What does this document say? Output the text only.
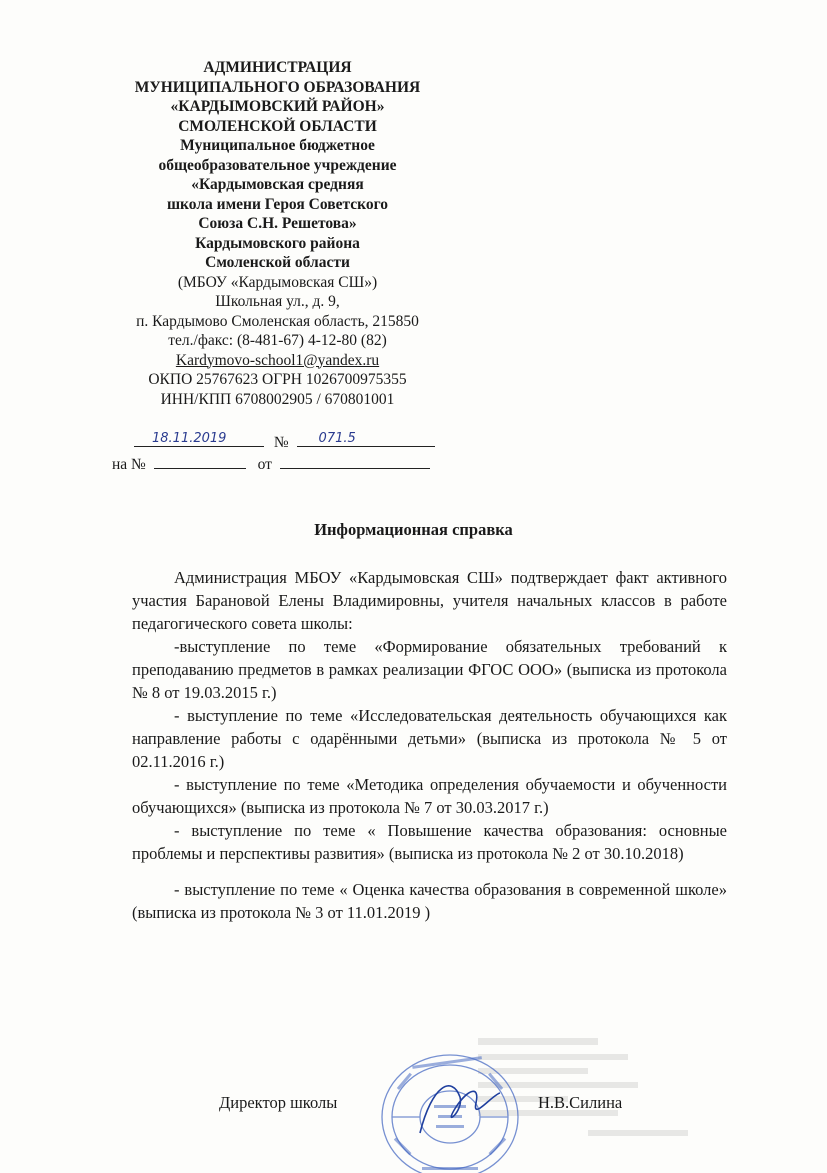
АДМИНИСТРАЦИЯ
МУНИЦИПАЛЬНОГО ОБРАЗОВАНИЯ
«КАРДЫМОВСКИЙ РАЙОН»
СМОЛЕНСКОЙ ОБЛАСТИ
Муниципальное бюджетное
общеобразовательное учреждение
«Кардымовская средняя
школа имени Героя Советского
Союза С.Н. Решетова»
Кардымовского района
Смоленской области
(МБОУ «Кардымовская СШ»)
Школьная ул., д. 9,
п. Кардымово Смоленская область, 215850
тел./факс: (8-481-67) 4-12-80 (82)
Kardymovo-school1@yandex.ru
ОКПО 25767623 ОГРН 1026700975355
ИНН/КПП 6708002905 / 670801001
18.11.2019	№ 071.5
на №	от
Информационная справка

Администрация МБОУ «Кардымовская СШ» подтверждает факт активного участия Барановой Елены Владимировны, учителя начальных классов в работе педагогического совета школы:

-выступление по теме «Формирование обязательных требований к преподаванию предметов в рамках реализации ФГОС ООО» (выписка из протокола № 8 от 19.03.2015 г.)

- выступление по теме «Исследовательская деятельность обучающихся как направление работы с одарёнными детьми» (выписка из протокола № 5 от 02.11.2016 г.)

- выступление по теме «Методика определения обучаемости и обученности обучающихся» (выписка из протокола № 7 от 30.03.2017 г.)

- выступление по теме « Повышение качества образования: основные проблемы и перспективы развития» (выписка из протокола № 2 от 30.10.2018)

- выступление по теме « Оценка качества образования в современной школе» (выписка из протокола № 3 от 11.01.2019 )

Директор школы	Н.В.Силина
